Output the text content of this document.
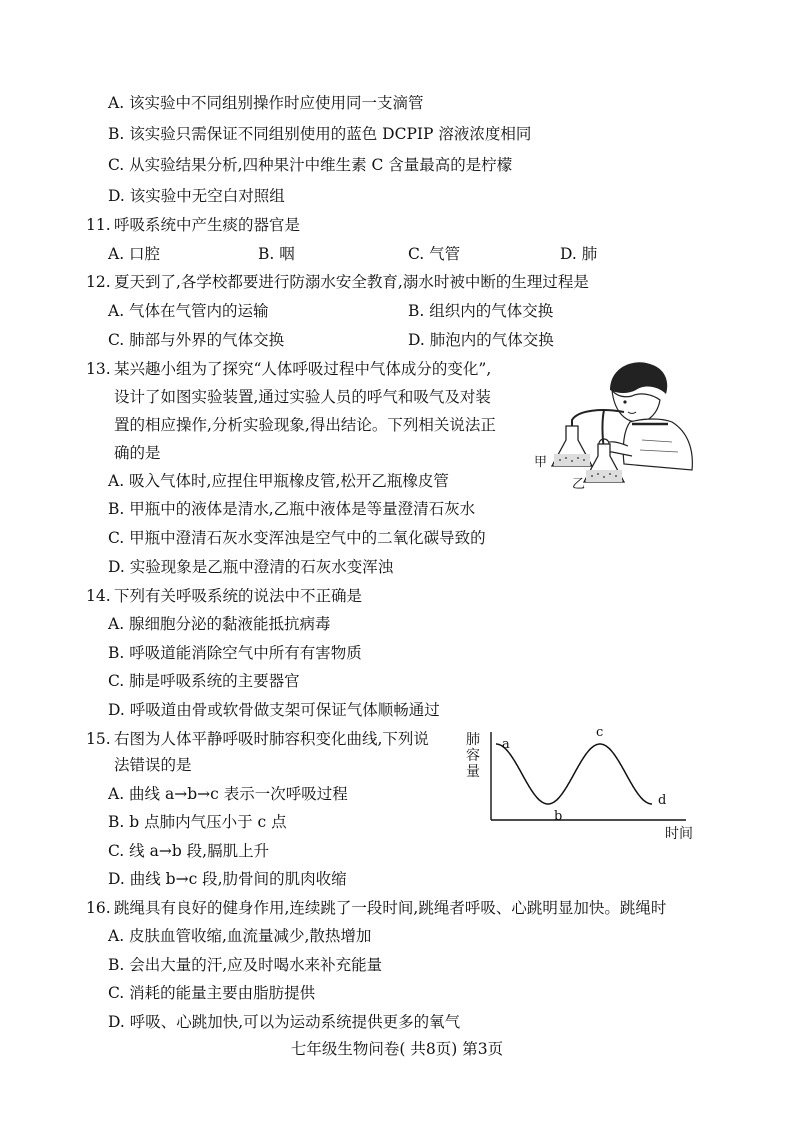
A. 该实验中不同组别操作时应使用同一支滴管
B. 该实验只需保证不同组别使用的蓝色 DCPIP 溶液浓度相同
C. 从实验结果分析,四种果汁中维生素 C 含量最高的是柠檬
D. 该实验中无空白对照组
11. 呼吸系统中产生痰的器官是
A. 口腔	B. 咽	C. 气管	D. 肺
12. 夏天到了,各学校都要进行防溺水安全教育,溺水时被中断的生理过程是
A. 气体在气管内的运输	B. 组织内的气体交换
C. 肺部与外界的气体交换	D. 肺泡内的气体交换
13. 某兴趣小组为了探究“人体呼吸过程中气体成分的变化”,
设计了如图实验装置,通过实验人员的呼气和吸气及对装
置的相应操作,分析实验现象,得出结论。下列相关说法正
确的是
A. 吸入气体时,应捏住甲瓶橡皮管,松开乙瓶橡皮管
B. 甲瓶中的液体是清水,乙瓶中液体是等量澄清石灰水
C. 甲瓶中澄清石灰水变浑浊是空气中的二氧化碳导致的
D. 实验现象是乙瓶中澄清的石灰水变浑浊
甲
乙
14. 下列有关呼吸系统的说法中不正确是
A. 腺细胞分泌的黏液能抵抗病毒
B. 呼吸道能消除空气中所有有害物质
C. 肺是呼吸系统的主要器官
D. 呼吸道由骨或软骨做支架可保证气体顺畅通过
15. 右图为人体平静呼吸时肺容积变化曲线,下列说
法错误的是
A. 曲线 a→b→c 表示一次呼吸过程
B. b 点肺内气压小于 c 点
C. 线 a→b 段,膈肌上升
D. 曲线 b→c 段,肋骨间的肌肉收缩
肺
容
量
a
b
c
d
时间
16. 跳绳具有良好的健身作用,连续跳了一段时间,跳绳者呼吸、心跳明显加快。跳绳时
A. 皮肤血管收缩,血流量减少,散热增加
B. 会出大量的汗,应及时喝水来补充能量
C. 消耗的能量主要由脂肪提供
D. 呼吸、心跳加快,可以为运动系统提供更多的氧气
七年级生物问卷( 共8页) 第3页
